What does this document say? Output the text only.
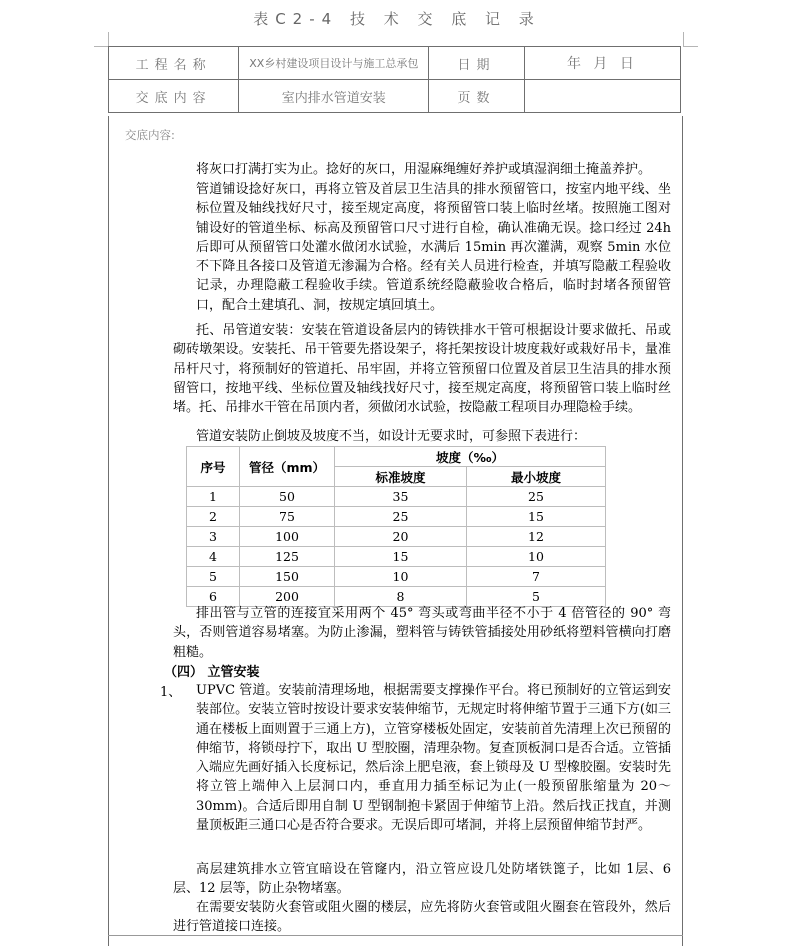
表C2-4 技 术 交 底 记 录
工程名称	XX乡村建设项目设计与施工总承包	日期	年 月 日
交底内容	室内排水管道安装	页数	
交底内容:
将灰口打满打实为止。捻好的灰口，用湿麻绳缠好养护或填湿润细土掩盖养护。
管道铺设捻好灰口，再将立管及首层卫生洁具的排水预留管口，按室内地平线、坐标位置及轴线找好尺寸，接至规定高度，将预留管口装上临时丝堵。按照施工图对铺设好的管道坐标、标高及预留管口尺寸进行自检，确认准确无误。捻口经过 24h 后即可从预留管口处灌水做闭水试验，水满后 15min 再次灌满，观察 5min 水位不下降且各接口及管道无渗漏为合格。经有关人员进行检查，并填写隐蔽工程验收记录，办理隐蔽工程验收手续。管道系统经隐蔽验收合格后，临时封堵各预留管口，配合土建填孔、洞，按规定填回填土。
托、吊管道安装：安装在管道设备层内的铸铁排水干管可根据设计要求做托、吊或砌砖墩架设。安装托、吊干管要先搭设架子，将托架按设计坡度栽好或栽好吊卡，量准吊杆尺寸，将预制好的管道托、吊牢固，并将立管预留口位置及首层卫生洁具的排水预留管口，按地平线、坐标位置及轴线找好尺寸，接至规定高度，将预留管口装上临时丝堵。托、吊排水干管在吊顶内者，须做闭水试验，按隐蔽工程项目办理隐检手续。
管道安装防止倒坡及坡度不当，如设计无要求时，可参照下表进行：
序号	管径（mm）	坡度（‰）	
		标准坡度	最小坡度
1	50	35	25
2	75	25	15
3	100	20	12
4	125	15	10
5	150	10	7
6	200	8	5
排出管与立管的连接宜采用两个 45° 弯头或弯曲半径不小于 4 倍管径的 90° 弯头，否则管道容易堵塞。为防止渗漏，塑料管与铸铁管插接处用砂纸将塑料管横向打磨粗糙。
（四） 立管安装
1、 UPVC 管道。安装前清理场地，根据需要支撑操作平台。将已预制好的立管运到安装部位。安装立管时按设计要求安装伸缩节，无规定时将伸缩节置于三通下方(如三通在楼板上面则置于三通上方)，立管穿楼板处固定，安装前首先清理上次已预留的伸缩节，将锁母拧下，取出 U 型胶圈，清理杂物。复查顶板洞口是否合适。立管插入端应先画好插入长度标记，然后涂上肥皂液，套上锁母及 U 型橡胶圈。安装时先将立管上端伸入上层洞口内，垂直用力插至标记为止(一般预留胀缩量为 20～30mm)。合适后即用自制 U 型钢制抱卡紧固于伸缩节上沿。然后找正找直，并测量顶板距三通口心是否符合要求。无误后即可堵洞，并将上层预留伸缩节封严。
高层建筑排水立管宜暗设在管窿内，沿立管应设几处防堵铁篦子，比如 1层、6层、12 层等，防止杂物堵塞。
在需要安装防火套管或阻火圈的楼层，应先将防火套管或阻火圈套在管段外，然后进行管道接口连接。
